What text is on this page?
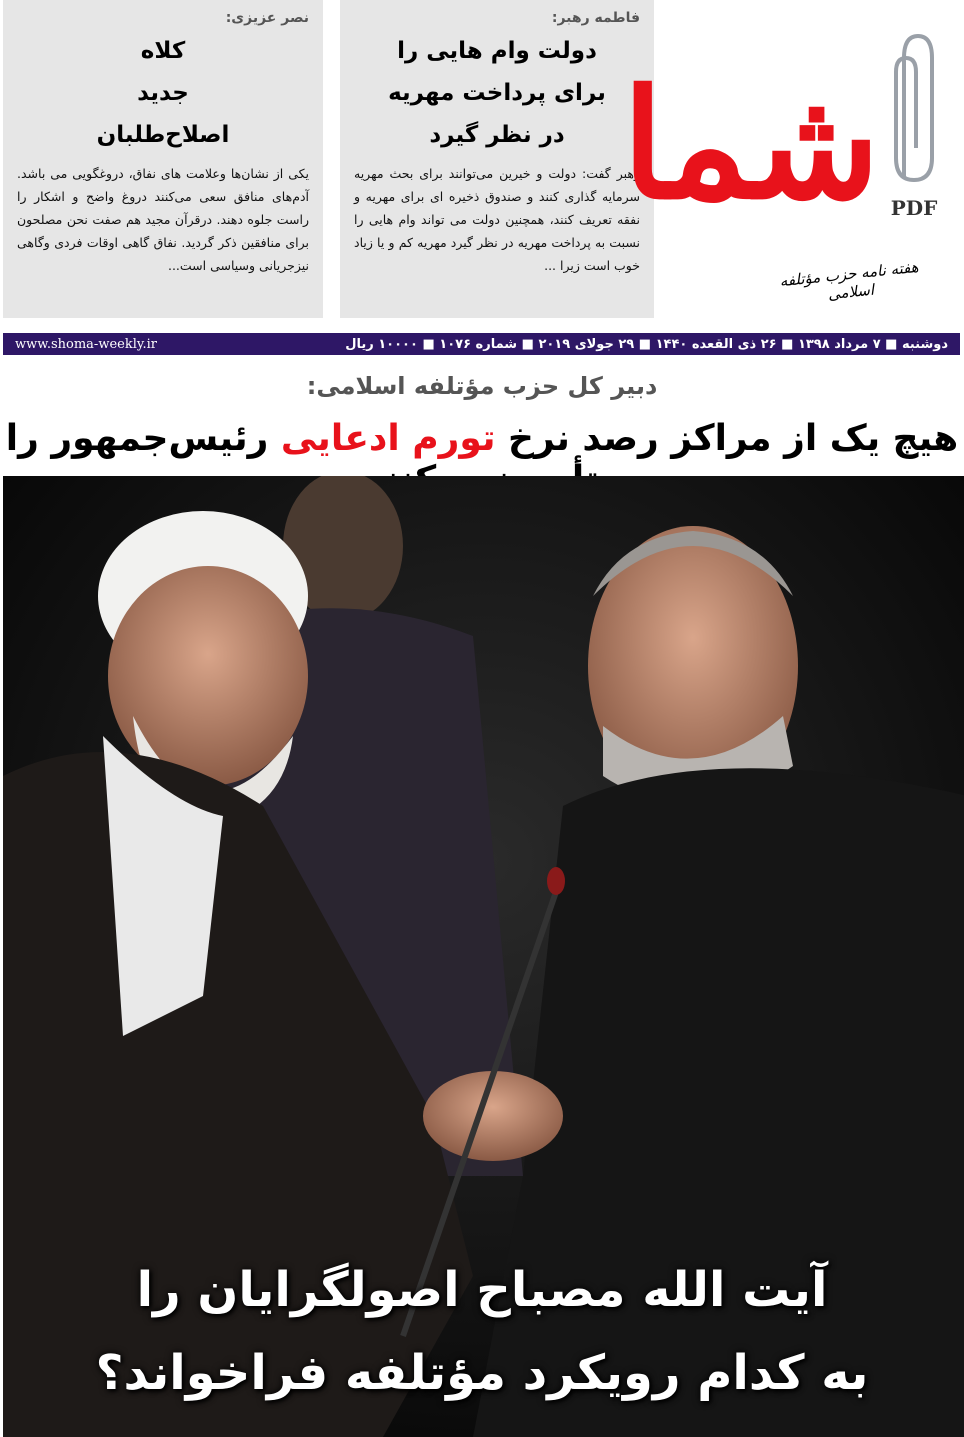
فاطمه رهبر:
دولت وام هایی را
برای پرداخت مهریه
در نظر گیرد
رهبر گفت: دولت و خیرین می‌توانند برای بحث مهریه سرمایه گذاری کنند و صندوق ذخیره ای برای مهریه و نفقه تعریف کنند، همچنین دولت می تواند وام هایی را نسبت به پرداخت مهریه در نظر گیرد مهریه کم و یا زیاد خوب است زیرا ...
نصر عزیزی:
کلاه
جدید
اصلاح‌طلبان
یکی از نشان‌ها وعلامت های نفاق، دروغگویی می باشد. آدم‌های منافق سعی می‌کنند دروغ واضح و اشکار را راست جلوه دهند. درقرآن مجید هم صفت نحن مصلحون برای منافقین ذکر گردید. نفاق گاهی اوقات فردی وگاهی نیزجریانی وسیاسی است...
شما
هفته نامه حزب مؤتلفه اسلامی
PDF
www.shoma-weekly.ir	دوشنبه ■ ۷ مرداد ۱۳۹۸ ■ ۲۶ ذی القعده ۱۴۴۰ ■ ۲۹ جولای ۲۰۱۹ ■ شماره ۱۰۷۶ ■ ۱۰۰۰۰ ریال
دبیر کل حزب مؤتلفه اسلامی:
هیچ یک از مراکز رصد نرخ تورم ادعایی رئیس‌جمهور را
آیت الله مصباح اصولگرایان را
به کدام رویکرد مؤتلفه فراخواند؟
